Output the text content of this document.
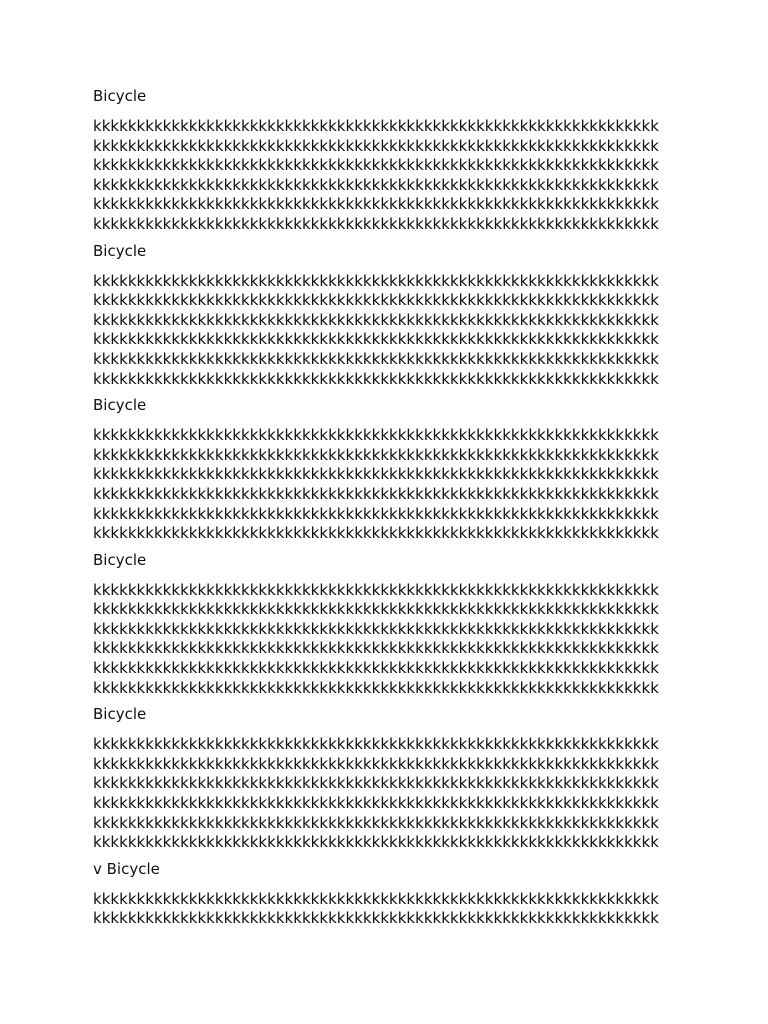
Bicycle
kkkkkkkkkkkkkkkkkkkkkkkkkkkkkkkkkkkkkkkkkkkkkkkkkkkkkkkkkkkkkkkkk
kkkkkkkkkkkkkkkkkkkkkkkkkkkkkkkkkkkkkkkkkkkkkkkkkkkkkkkkkkkkkkkkk
kkkkkkkkkkkkkkkkkkkkkkkkkkkkkkkkkkkkkkkkkkkkkkkkkkkkkkkkkkkkkkkkk
kkkkkkkkkkkkkkkkkkkkkkkkkkkkkkkkkkkkkkkkkkkkkkkkkkkkkkkkkkkkkkkkk
kkkkkkkkkkkkkkkkkkkkkkkkkkkkkkkkkkkkkkkkkkkkkkkkkkkkkkkkkkkkkkkkk
kkkkkkkkkkkkkkkkkkkkkkkkkkkkkkkkkkkkkkkkkkkkkkkkkkkkkkkkkkkkkkkkk
Bicycle
kkkkkkkkkkkkkkkkkkkkkkkkkkkkkkkkkkkkkkkkkkkkkkkkkkkkkkkkkkkkkkkkk
kkkkkkkkkkkkkkkkkkkkkkkkkkkkkkkkkkkkkkkkkkkkkkkkkkkkkkkkkkkkkkkkk
kkkkkkkkkkkkkkkkkkkkkkkkkkkkkkkkkkkkkkkkkkkkkkkkkkkkkkkkkkkkkkkkk
kkkkkkkkkkkkkkkkkkkkkkkkkkkkkkkkkkkkkkkkkkkkkkkkkkkkkkkkkkkkkkkkk
kkkkkkkkkkkkkkkkkkkkkkkkkkkkkkkkkkkkkkkkkkkkkkkkkkkkkkkkkkkkkkkkk
kkkkkkkkkkkkkkkkkkkkkkkkkkkkkkkkkkkkkkkkkkkkkkkkkkkkkkkkkkkkkkkkk
Bicycle
kkkkkkkkkkkkkkkkkkkkkkkkkkkkkkkkkkkkkkkkkkkkkkkkkkkkkkkkkkkkkkkkk
kkkkkkkkkkkkkkkkkkkkkkkkkkkkkkkkkkkkkkkkkkkkkkkkkkkkkkkkkkkkkkkkk
kkkkkkkkkkkkkkkkkkkkkkkkkkkkkkkkkkkkkkkkkkkkkkkkkkkkkkkkkkkkkkkkk
kkkkkkkkkkkkkkkkkkkkkkkkkkkkkkkkkkkkkkkkkkkkkkkkkkkkkkkkkkkkkkkkk
kkkkkkkkkkkkkkkkkkkkkkkkkkkkkkkkkkkkkkkkkkkkkkkkkkkkkkkkkkkkkkkkk
kkkkkkkkkkkkkkkkkkkkkkkkkkkkkkkkkkkkkkkkkkkkkkkkkkkkkkkkkkkkkkkkk
Bicycle
kkkkkkkkkkkkkkkkkkkkkkkkkkkkkkkkkkkkkkkkkkkkkkkkkkkkkkkkkkkkkkkkk
kkkkkkkkkkkkkkkkkkkkkkkkkkkkkkkkkkkkkkkkkkkkkkkkkkkkkkkkkkkkkkkkk
kkkkkkkkkkkkkkkkkkkkkkkkkkkkkkkkkkkkkkkkkkkkkkkkkkkkkkkkkkkkkkkkk
kkkkkkkkkkkkkkkkkkkkkkkkkkkkkkkkkkkkkkkkkkkkkkkkkkkkkkkkkkkkkkkkk
kkkkkkkkkkkkkkkkkkkkkkkkkkkkkkkkkkkkkkkkkkkkkkkkkkkkkkkkkkkkkkkkk
kkkkkkkkkkkkkkkkkkkkkkkkkkkkkkkkkkkkkkkkkkkkkkkkkkkkkkkkkkkkkkkkk
Bicycle
kkkkkkkkkkkkkkkkkkkkkkkkkkkkkkkkkkkkkkkkkkkkkkkkkkkkkkkkkkkkkkkkk
kkkkkkkkkkkkkkkkkkkkkkkkkkkkkkkkkkkkkkkkkkkkkkkkkkkkkkkkkkkkkkkkk
kkkkkkkkkkkkkkkkkkkkkkkkkkkkkkkkkkkkkkkkkkkkkkkkkkkkkkkkkkkkkkkkk
kkkkkkkkkkkkkkkkkkkkkkkkkkkkkkkkkkkkkkkkkkkkkkkkkkkkkkkkkkkkkkkkk
kkkkkkkkkkkkkkkkkkkkkkkkkkkkkkkkkkkkkkkkkkkkkkkkkkkkkkkkkkkkkkkkk
kkkkkkkkkkkkkkkkkkkkkkkkkkkkkkkkkkkkkkkkkkkkkkkkkkkkkkkkkkkkkkkkk
v Bicycle
kkkkkkkkkkkkkkkkkkkkkkkkkkkkkkkkkkkkkkkkkkkkkkkkkkkkkkkkkkkkkkkkk
kkkkkkkkkkkkkkkkkkkkkkkkkkkkkkkkkkkkkkkkkkkkkkkkkkkkkkkkkkkkkkkkk
